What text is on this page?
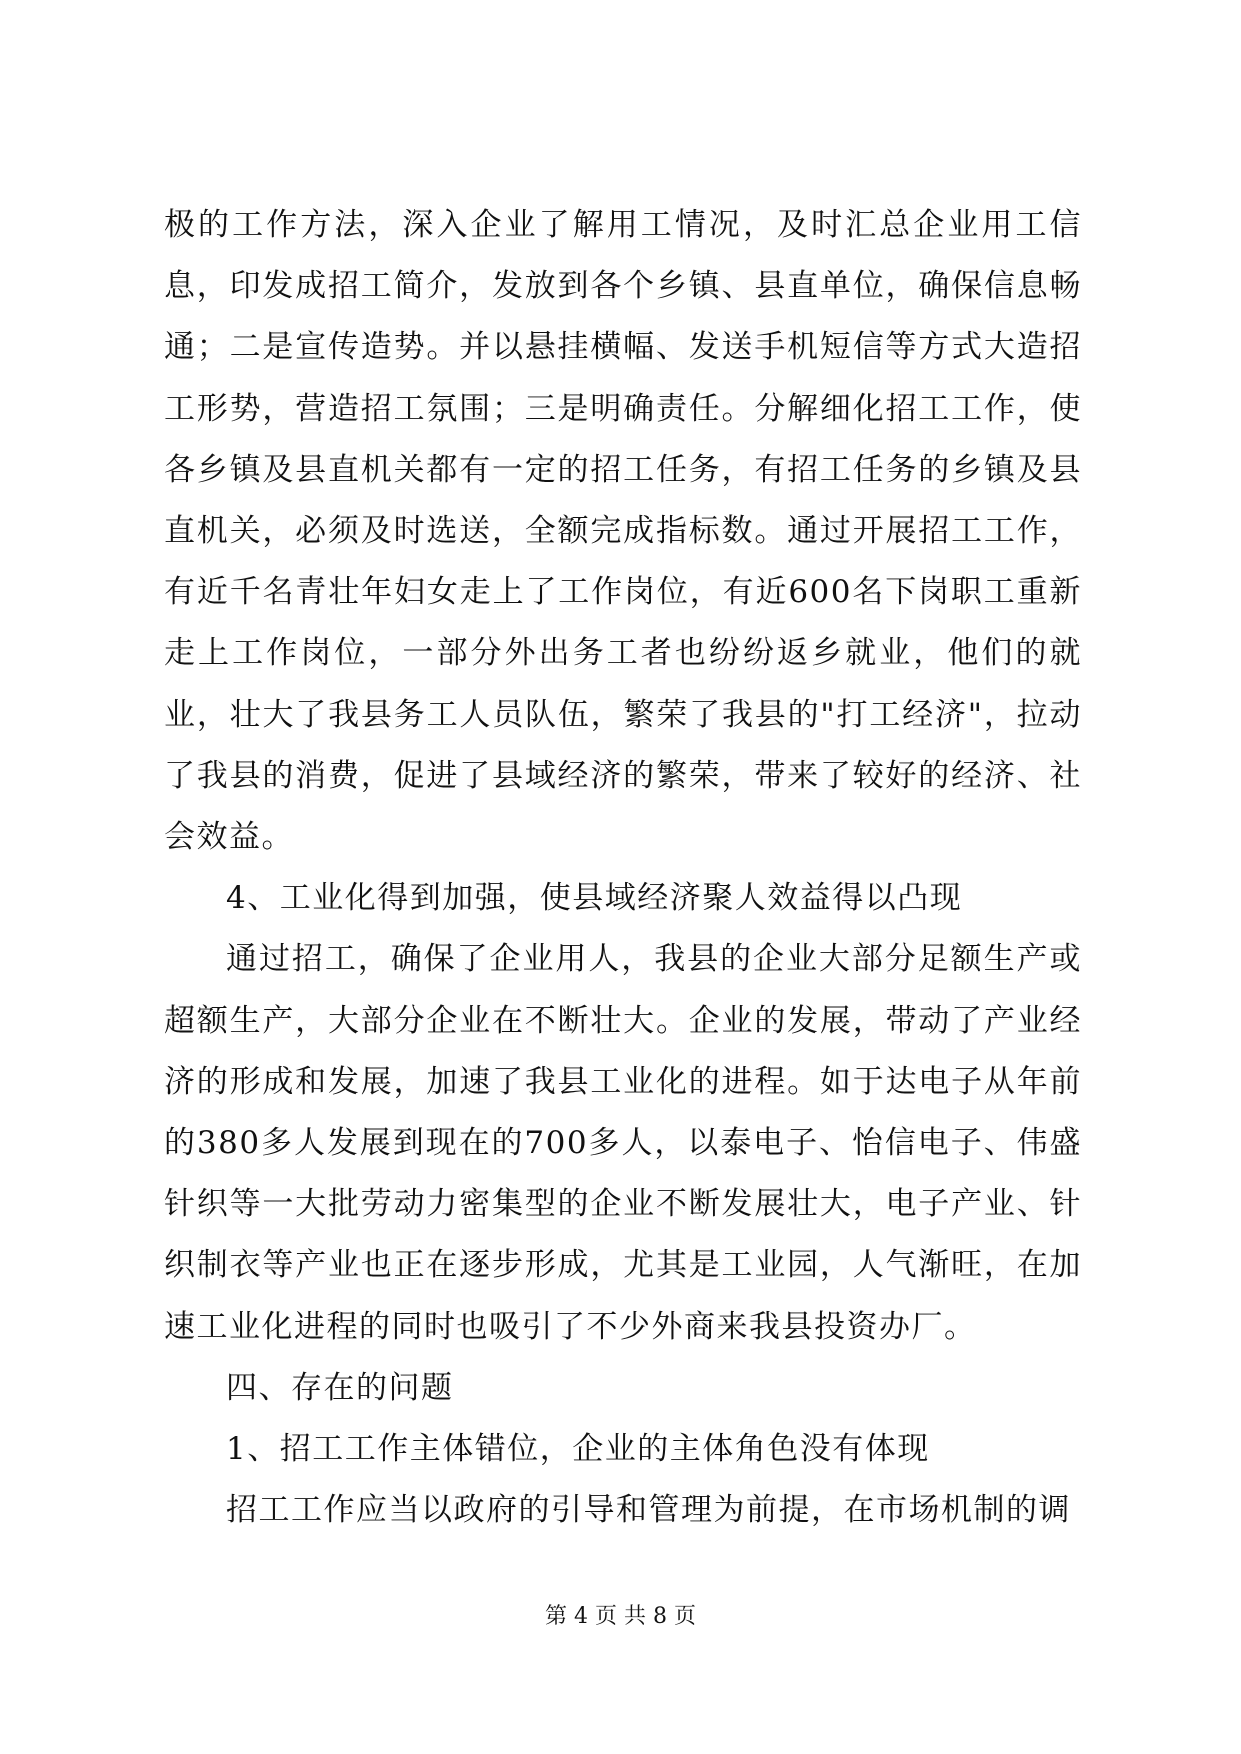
极的工作方法，深入企业了解用工情况，及时汇总企业用工信息，印发成招工简介，发放到各个乡镇、县直单位，确保信息畅通；二是宣传造势。并以悬挂横幅、发送手机短信等方式大造招工形势，营造招工氛围；三是明确责任。分解细化招工工作，使各乡镇及县直机关都有一定的招工任务，有招工任务的乡镇及县直机关，必须及时选送，全额完成指标数。通过开展招工工作，有近千名青壮年妇女走上了工作岗位，有近600名下岗职工重新走上工作岗位，一部分外出务工者也纷纷返乡就业，他们的就业，壮大了我县务工人员队伍，繁荣了我县的"打工经济"，拉动了我县的消费，促进了县域经济的繁荣，带来了较好的经济、社会效益。

4、工业化得到加强，使县域经济聚人效益得以凸现

通过招工，确保了企业用人，我县的企业大部分足额生产或超额生产，大部分企业在不断壮大。企业的发展，带动了产业经济的形成和发展，加速了我县工业化的进程。如于达电子从年前的380多人发展到现在的700多人，以泰电子、怡信电子、伟盛针织等一大批劳动力密集型的企业不断发展壮大，电子产业、针织制衣等产业也正在逐步形成，尤其是工业园，人气渐旺，在加速工业化进程的同时也吸引了不少外商来我县投资办厂。

四、存在的问题

1、招工工作主体错位，企业的主体角色没有体现

招工工作应当以政府的引导和管理为前提，在市场机制的调

第 4 页 共 8 页
